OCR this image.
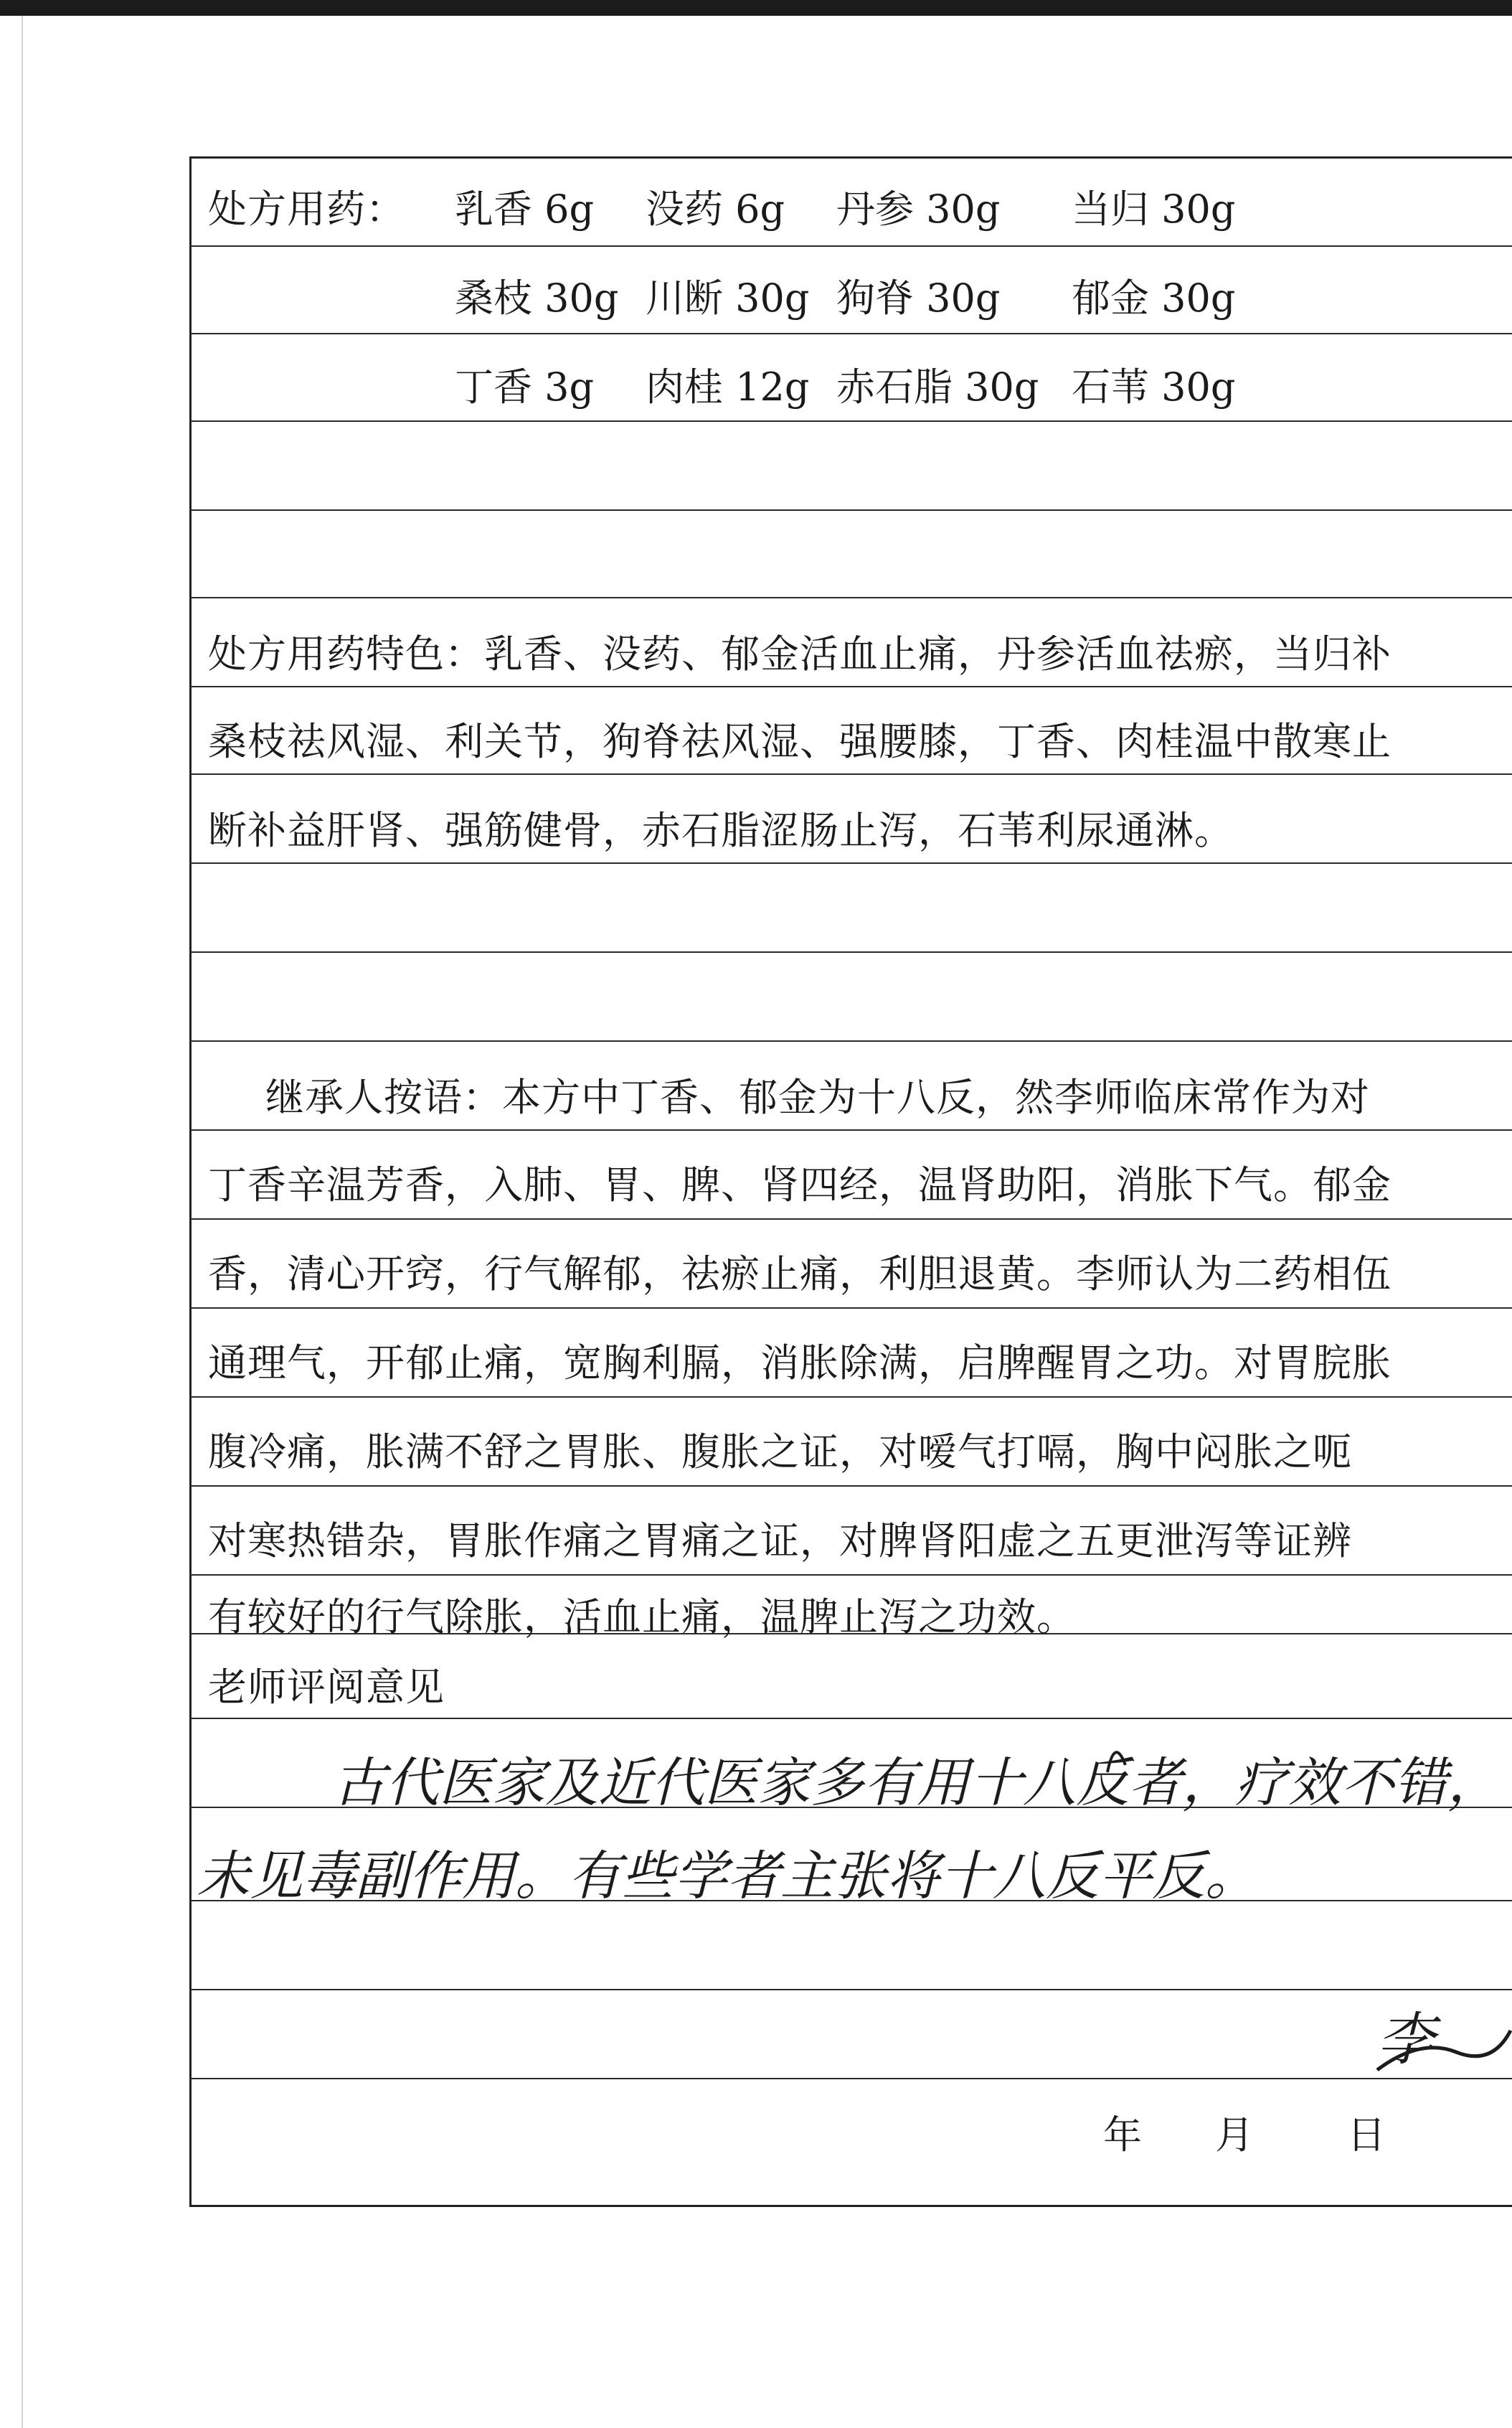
处方用药： 乳香 6g 没药 6g 丹参 30g 当归 30g
桑枝 30g 川断 30g 狗脊 30g 郁金 30g
丁香 3g 肉桂 12g 赤石脂 30g 石苇 30g
处方用药特色：乳香、没药、郁金活血止痛，丹参活血祛瘀，当归补
桑枝祛风湿、利关节，狗脊祛风湿、强腰膝，丁香、肉桂温中散寒止
断补益肝肾、强筋健骨，赤石脂涩肠止泻，石苇利尿通淋。
继承人按语：本方中丁香、郁金为十八反，然李师临床常作为对
丁香辛温芳香，入肺、胃、脾、肾四经，温肾助阳，消胀下气。郁金
香，清心开窍，行气解郁，祛瘀止痛，利胆退黄。李师认为二药相伍
通理气，开郁止痛，宽胸利膈，消胀除满，启脾醒胃之功。对胃脘胀
腹冷痛，胀满不舒之胃胀、腹胀之证，对嗳气打嗝，胸中闷胀之呃
对寒热错杂，胃胀作痛之胃痛之证，对脾肾阳虚之五更泄泻等证辨
有较好的行气除胀，活血止痛，温脾止泻之功效。
老师评阅意见
古代医家及近代医家多有用十八反者，疗效不错，
未见毒副作用。有些学者主张将十八反平反。
李
年 月 日
